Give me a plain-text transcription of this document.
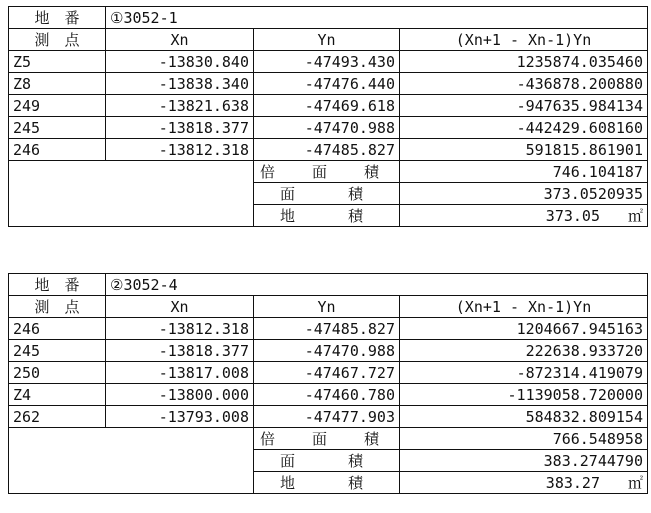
地　番	①3052-1		
測　点	Xn	Yn	(Xn+1 - Xn-1)Yn
Z5	-13830.840	-47493.430	1235874.035460
Z8	-13838.340	-47476.440	-436878.200880
249	-13821.638	-47469.618	-947635.984134
245	-13818.377	-47470.988	-442429.608160
246	-13812.318	-47485.827	591815.861901
		倍 面 積	746.104187
		面 積	373.0520935
		地 積	373.05 ㎡
地　番	②3052-4		
測　点	Xn	Yn	(Xn+1 - Xn-1)Yn
246	-13812.318	-47485.827	1204667.945163
245	-13818.377	-47470.988	222638.933720
250	-13817.008	-47467.727	-872314.419079
Z4	-13800.000	-47460.780	-1139058.720000
262	-13793.008	-47477.903	584832.809154
		倍 面 積	766.548958
		面 積	383.2744790
		地 積	383.27 ㎡
